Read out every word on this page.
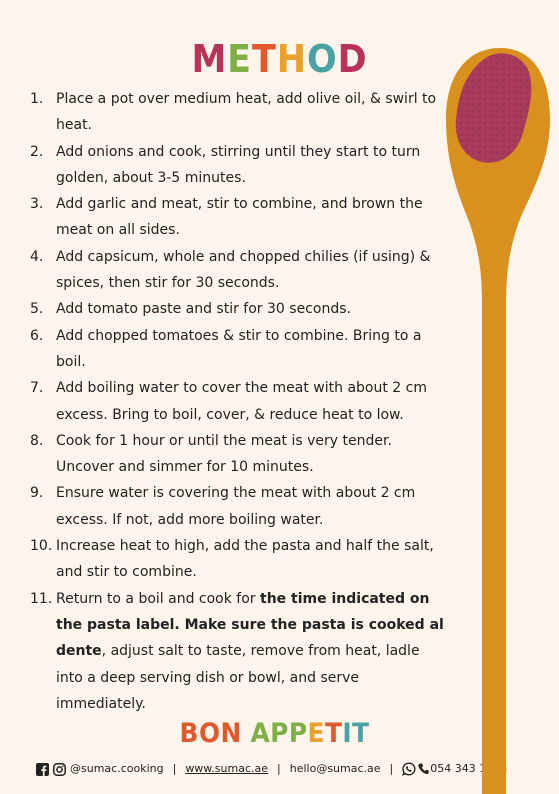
METHOD
1. Place a pot over medium heat, add olive oil, & swirl to heat.
2. Add onions and cook, stirring until they start to turn golden, about 3-5 minutes.
3. Add garlic and meat, stir to combine, and brown the meat on all sides.
4. Add capsicum, whole and chopped chilies (if using) & spices, then stir for 30 seconds.
5. Add tomato paste and stir for 30 seconds.
6. Add chopped tomatoes & stir to combine. Bring to a boil.
7. Add boiling water to cover the meat with about 2 cm excess. Bring to boil, cover, & reduce heat to low.
8. Cook for 1 hour or until the meat is very tender. Uncover and simmer for 10 minutes.
9. Ensure water is covering the meat with about 2 cm excess. If not, add more boiling water.
10. Increase heat to high, add the pasta and half the salt, and stir to combine.
11. Return to a boil and cook for the time indicated on the pasta label. Make sure the pasta is cooked al dente, adjust salt to taste, remove from heat, ladle into a deep serving dish or bowl, and serve immediately.
BON APPETIT
@sumac.cooking | www.sumac.ae | hello@sumac.ae |	054 343 1383
